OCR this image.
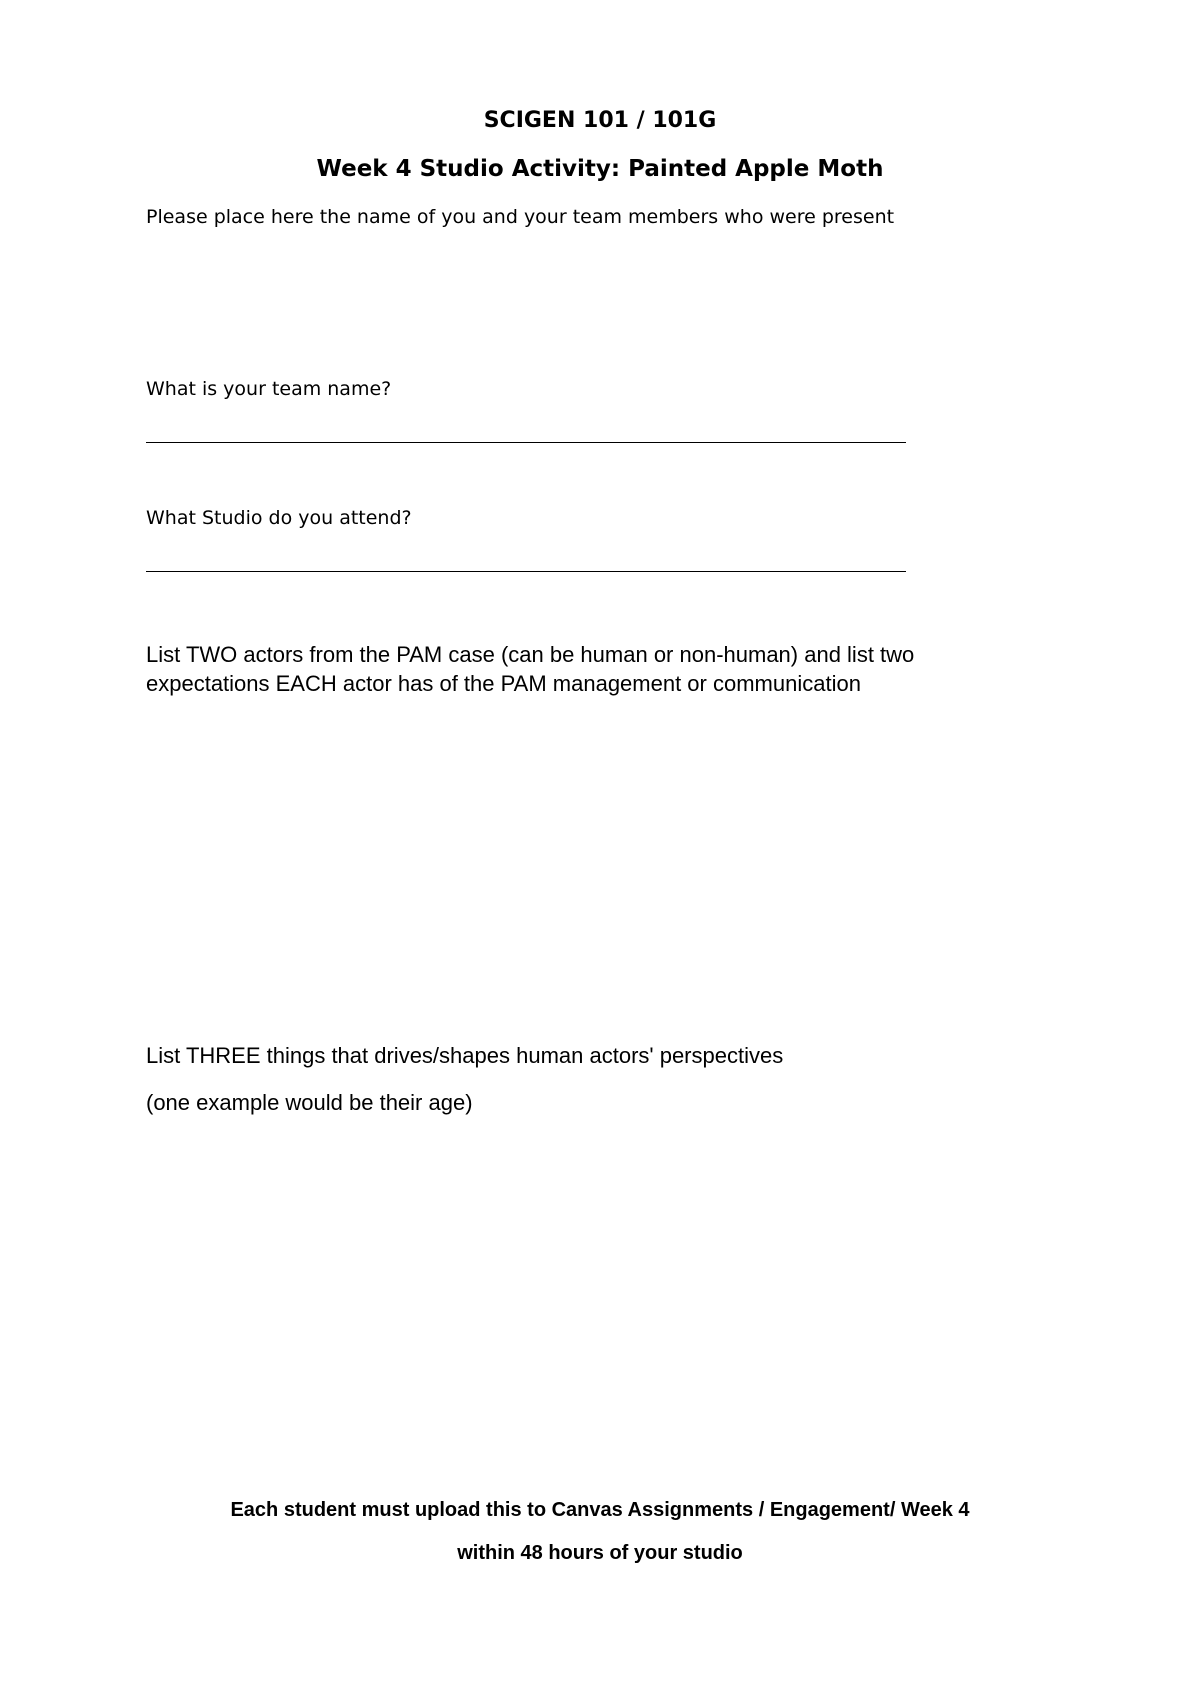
SCIGEN 101 / 101G
Week 4 Studio Activity: Painted Apple Moth
Please place here the name of you and your team members who were present
What is your team name?
What Studio do you attend?
List TWO actors from the PAM case (can be human or non-human) and list two
expectations EACH actor has of the PAM management or communication
List THREE things that drives/shapes human actors' perspectives
(one example would be their age)
Each student must upload this to Canvas Assignments / Engagement/ Week 4
within 48 hours of your studio
